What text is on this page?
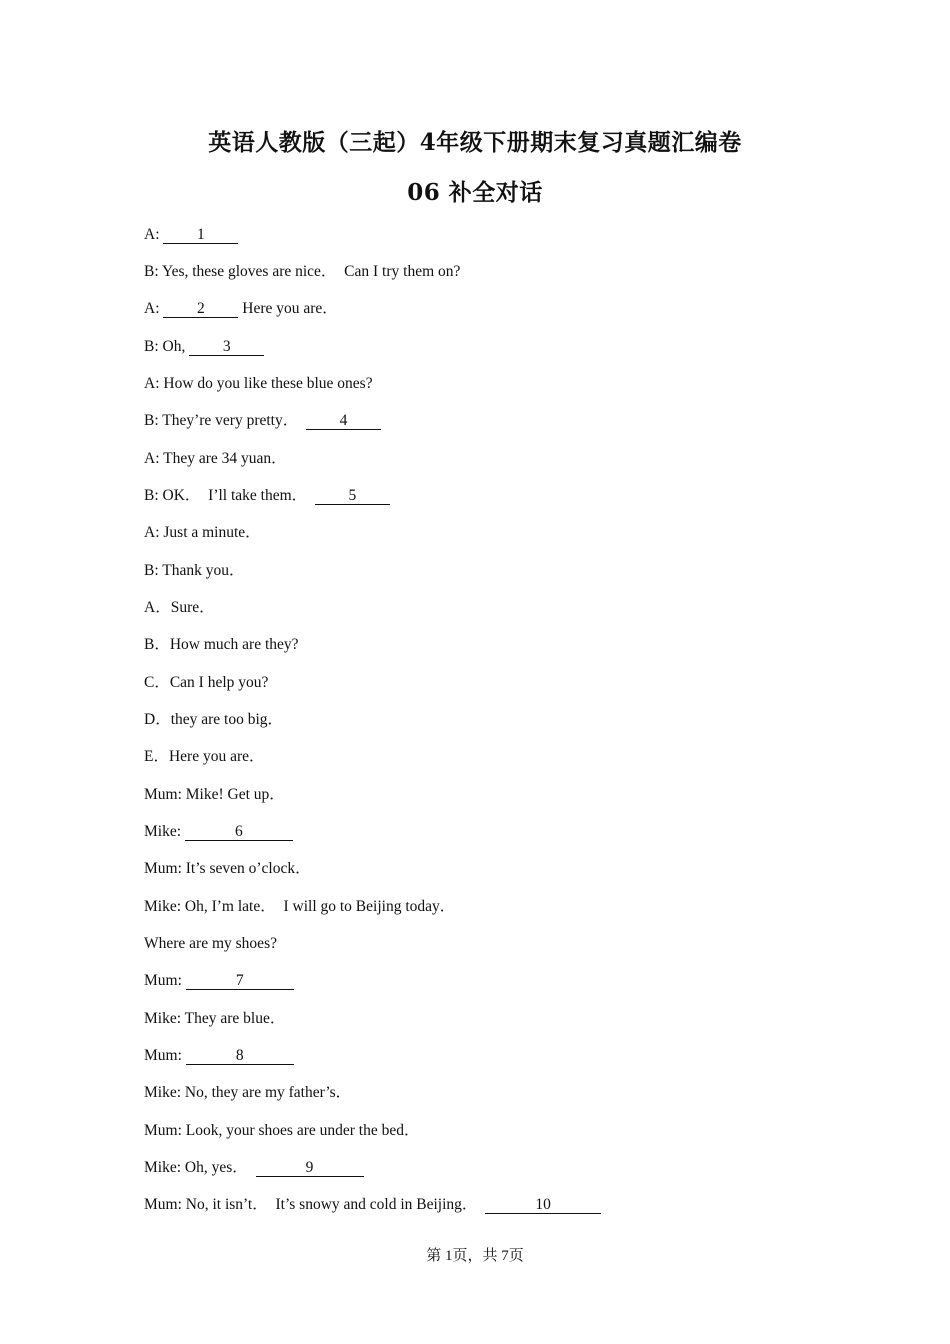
英语人教版（三起）4年级下册期末复习真题汇编卷
06 补全对话
A: 1
B: Yes, these gloves are nice．  Can I try them on?
A: 2 Here you are．
B: Oh, 3
A: How do you like these blue ones?
B: They’re very pretty．  4
A: They are 34 yuan．
B: OK．  I’ll take them．  5
A: Just a minute．
B: Thank you．
A．Sure．
B．How much are they?
C．Can I help you?
D．they are too big．
E．Here you are．
Mum: Mike! Get up．
Mike:	6
Mum: It’s seven o’clock．
Mike: Oh, I’m late．  I will go to Beijing today．
Where are my shoes?
Mum:	7
Mike: They are blue．
Mum:	8
Mike: No, they are my father’s．
Mum: Look, your shoes are under the bed．
Mike: Oh, yes．	9
Mum: No, it isn’t．  It’s snowy and cold in Beijing．	10
第 1页，共 7页
